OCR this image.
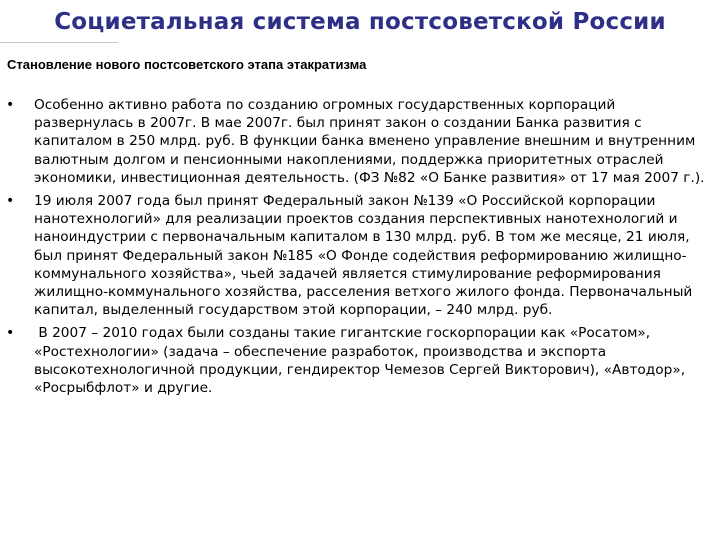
Социетальная система постсоветской России
Становление нового постсоветского этапа этакратизма
• Особенно активно работа по созданию огромных государственных корпораций развернулась в 2007г. В мае 2007г. был принят закон о создании Банка развития с капиталом в 250 млрд. руб. В функции банка вменено управление внешним и внутренним валютным долгом и пенсионными накоплениями, поддержка приоритетных отраслей экономики, инвестиционная деятельность. (ФЗ №82 «О Банке развития» от 17 мая 2007 г.).
• 19 июля 2007 года был принят Федеральный закон №139 «О Российской корпорации нанотехнологий» для реализации проектов создания перспективных нанотехнологий и наноиндустрии с первоначальным капиталом в 130 млрд. руб. В том же месяце, 21 июля, был принят Федеральный закон №185 «О Фонде содействия реформированию жилищно-коммунального хозяйства», чьей задачей является стимулирование реформирования жилищно-коммунального хозяйства, расселения ветхого жилого фонда. Первоначальный капитал, выделенный государством этой корпорации, – 240 млрд. руб.
• В 2007 – 2010 годах были созданы такие гигантские госкорпорации как «Росатом», «Ростехнологии» (задача – обеспечение разработок, производства и экспорта высокотехнологичной продукции, гендиректор Чемезов Сергей Викторович), «Автодор», «Росрыбфлот» и другие.
